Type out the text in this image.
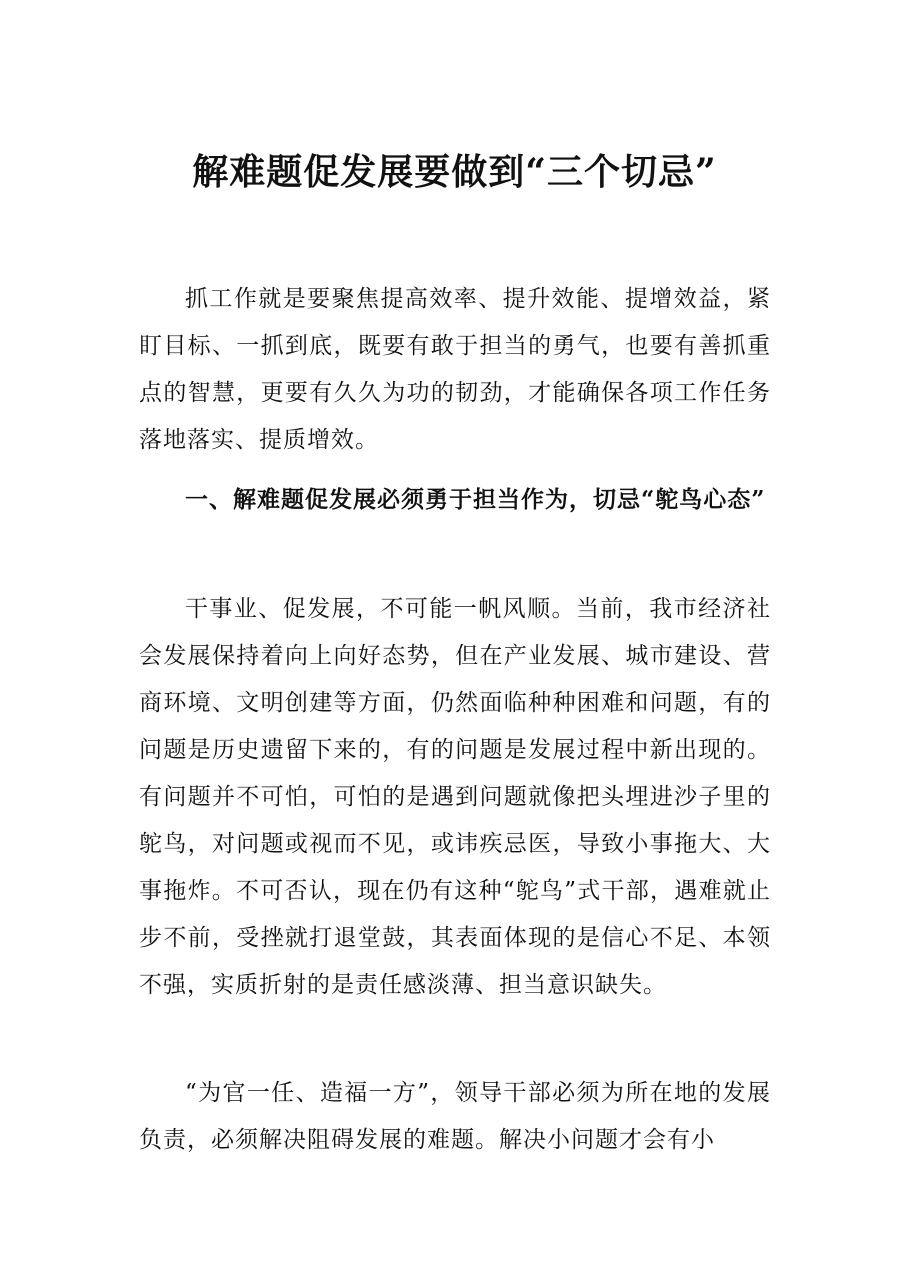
解难题促发展要做到“三个切忌”

抓工作就是要聚焦提高效率、提升效能、提增效益，紧盯目标、一抓到底，既要有敢于担当的勇气，也要有善抓重点的智慧，更要有久久为功的韧劲，才能确保各项工作任务落地落实、提质增效。

一、解难题促发展必须勇于担当作为，切忌“鸵鸟心态”

干事业、促发展，不可能一帆风顺。当前，我市经济社会发展保持着向上向好态势，但在产业发展、城市建设、营商环境、文明创建等方面，仍然面临种种困难和问题，有的问题是历史遗留下来的，有的问题是发展过程中新出现的。有问题并不可怕，可怕的是遇到问题就像把头埋进沙子里的鸵鸟，对问题或视而不见，或讳疾忌医，导致小事拖大、大事拖炸。不可否认，现在仍有这种“鸵鸟”式干部，遇难就止步不前，受挫就打退堂鼓，其表面体现的是信心不足、本领不强，实质折射的是责任感淡薄、担当意识缺失。

“为官一任、造福一方”，领导干部必须为所在地的发展负责，必须解决阻碍发展的难题。解决小问题才会有小
